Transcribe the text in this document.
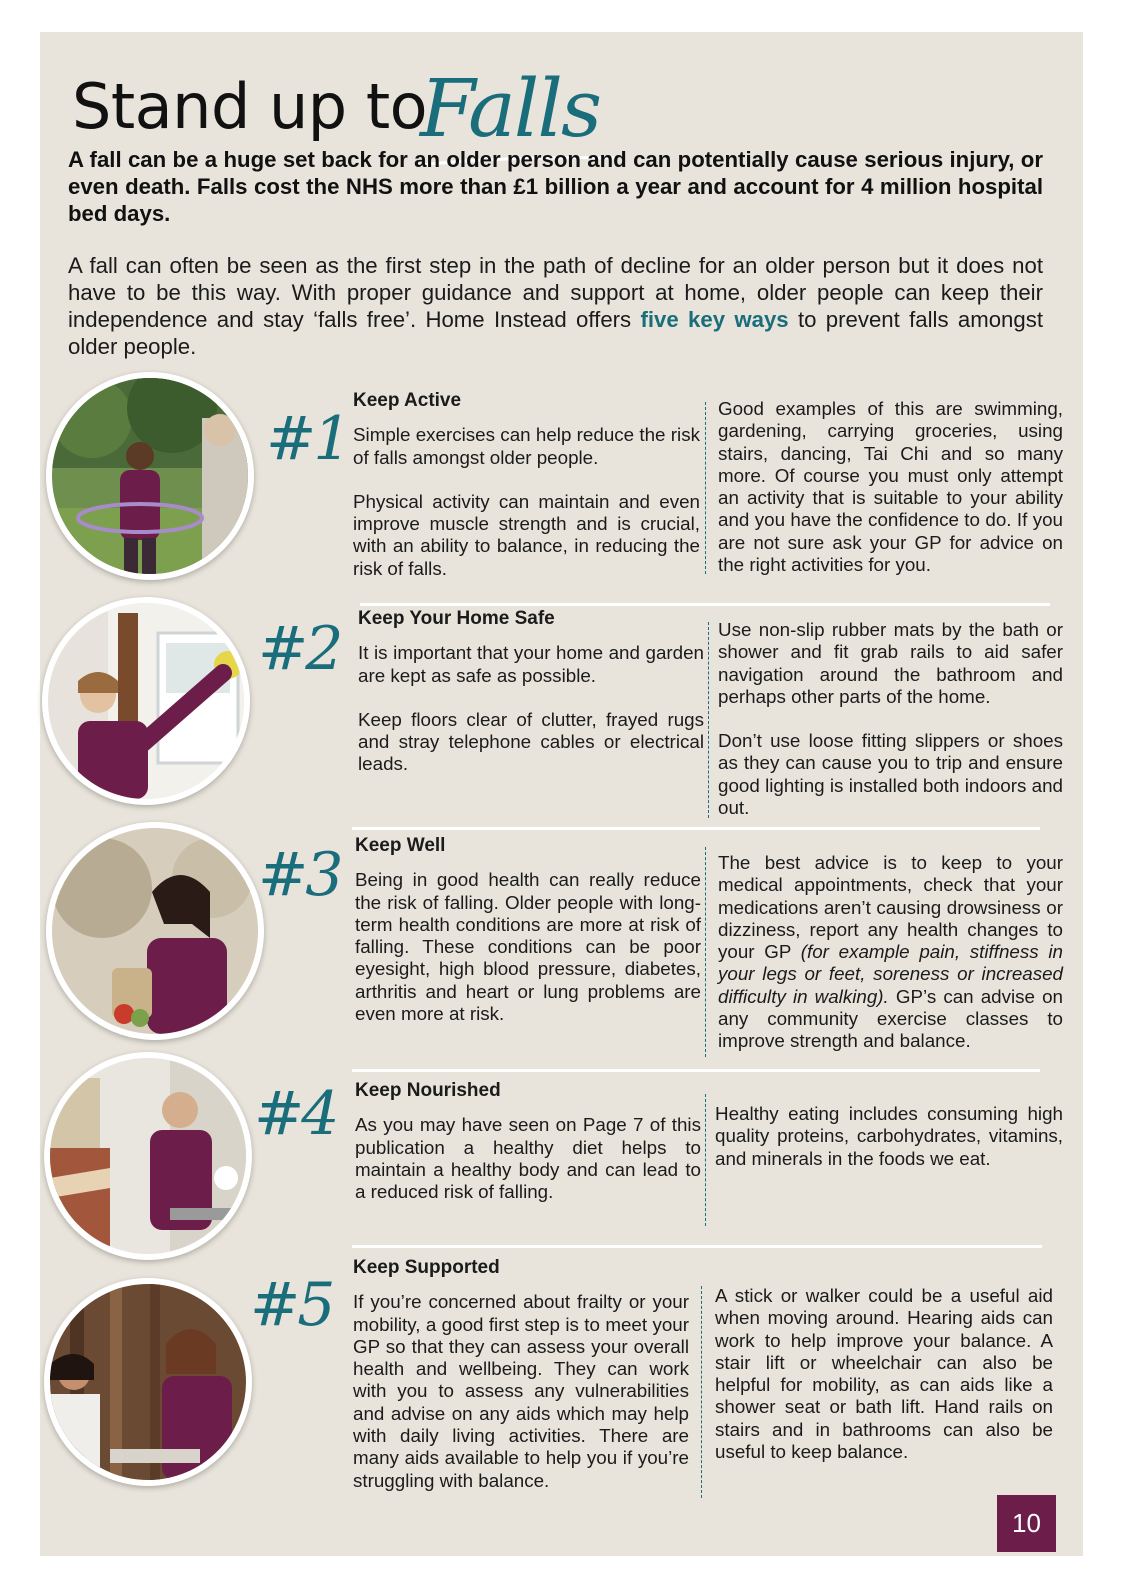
Stand up to
Falls
A fall can be a huge set back for an older person and can potentially cause serious injury, or even death. Falls cost the NHS more than £1 billion a year and account for 4 million hospital bed days.
A fall can often be seen as the first step in the path of decline for an older person but it does not have to be this way. With proper guidance and support at home, older people can keep their independence and stay ‘falls free’. Home Instead offers five key ways to prevent falls amongst older people.
#1
Keep Active

Simple exercises can help reduce the risk of falls amongst older people.

Physical activity can maintain and even improve muscle strength and is crucial, with an ability to balance, in reducing the risk of falls.

Good examples of this are swimming, gardening, carrying groceries, using stairs, dancing, Tai Chi and so many more. Of course you must only attempt an activity that is suitable to your ability and you have the confidence to do. If you are not sure ask your GP for advice on the right activities for you.

#2 Keep Your Home Safe

It is important that your home and garden are kept as safe as possible.

Keep floors clear of clutter, frayed rugs and stray telephone cables or electrical leads.

Use non-slip rubber mats by the bath or shower and fit grab rails to aid safer navigation around the bathroom and perhaps other parts of the home.

Don’t use loose fitting slippers or shoes as they can cause you to trip and ensure good lighting is installed both indoors and out.

#3 Keep Well

Being in good health can really reduce the risk of falling. Older people with long-term health conditions are more at risk of falling. These conditions can be poor eyesight, high blood pressure, diabetes, arthritis and heart or lung problems are even more at risk.

The best advice is to keep to your medical appointments, check that your medications aren’t causing drowsiness or dizziness, report any health changes to your GP (for example pain, stiffness in your legs or feet, soreness or increased difficulty in walking). GP’s can advise on any community exercise classes to improve strength and balance.

#4 Keep Nourished

As you may have seen on Page 7 of this publication a healthy diet helps to maintain a healthy body and can lead to a reduced risk of falling.

Healthy eating includes consuming high quality proteins, carbohydrates, vitamins, and minerals in the foods we eat.

#5
Keep Supported

If you’re concerned about frailty or your mobility, a good first step is to meet your GP so that they can assess your overall health and wellbeing. They can work with you to assess any vulnerabilities and advise on any aids which may help with daily living activities. There are many aids available to help you if you’re struggling with balance.

A stick or walker could be a useful aid when moving around. Hearing aids can work to help improve your balance. A stair lift or wheelchair can also be helpful for mobility, as can aids like a shower seat or bath lift. Hand rails on stairs and in bathrooms can also be useful to keep balance.

10
